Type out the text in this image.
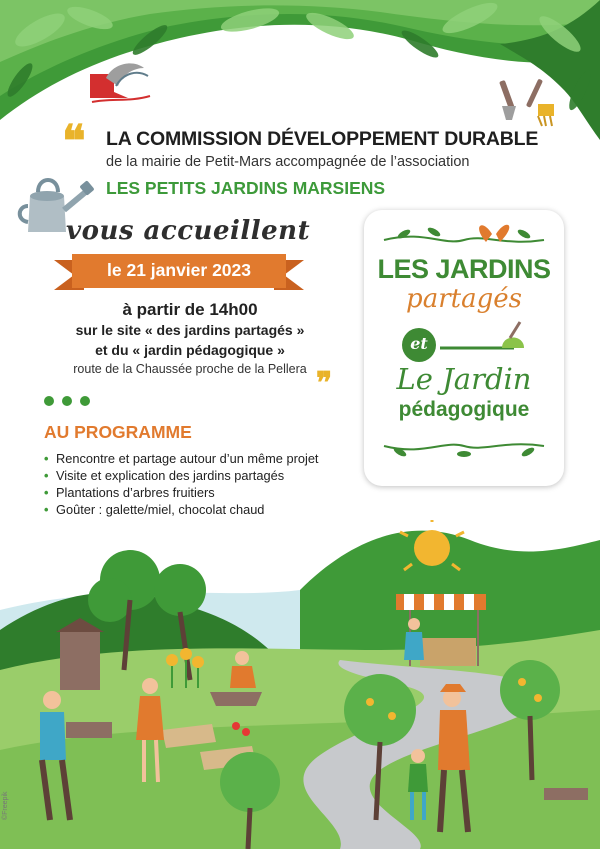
❝ LA COMMISSION DÉVELOPPEMENT DURABLE
de la mairie de Petit-Mars accompagnée de l’association
LES PETITS JARDINS MARSIENS
vous accueillent
le 21 janvier 2023
à partir de 14h00
sur le site « des jardins partagés »
et du « jardin pédagogique »
route de la Chaussée proche de la Pellera ❞
AU PROGRAMME
• Rencontre et partage autour d’un même projet
• Visite et explication des jardins partagés
• Plantations d’arbres fruitiers
• Goûter : galette/miel, chocolat chaud
LES JARDINS
partagés
et
Le Jardin
pédagogique
©Freepik
